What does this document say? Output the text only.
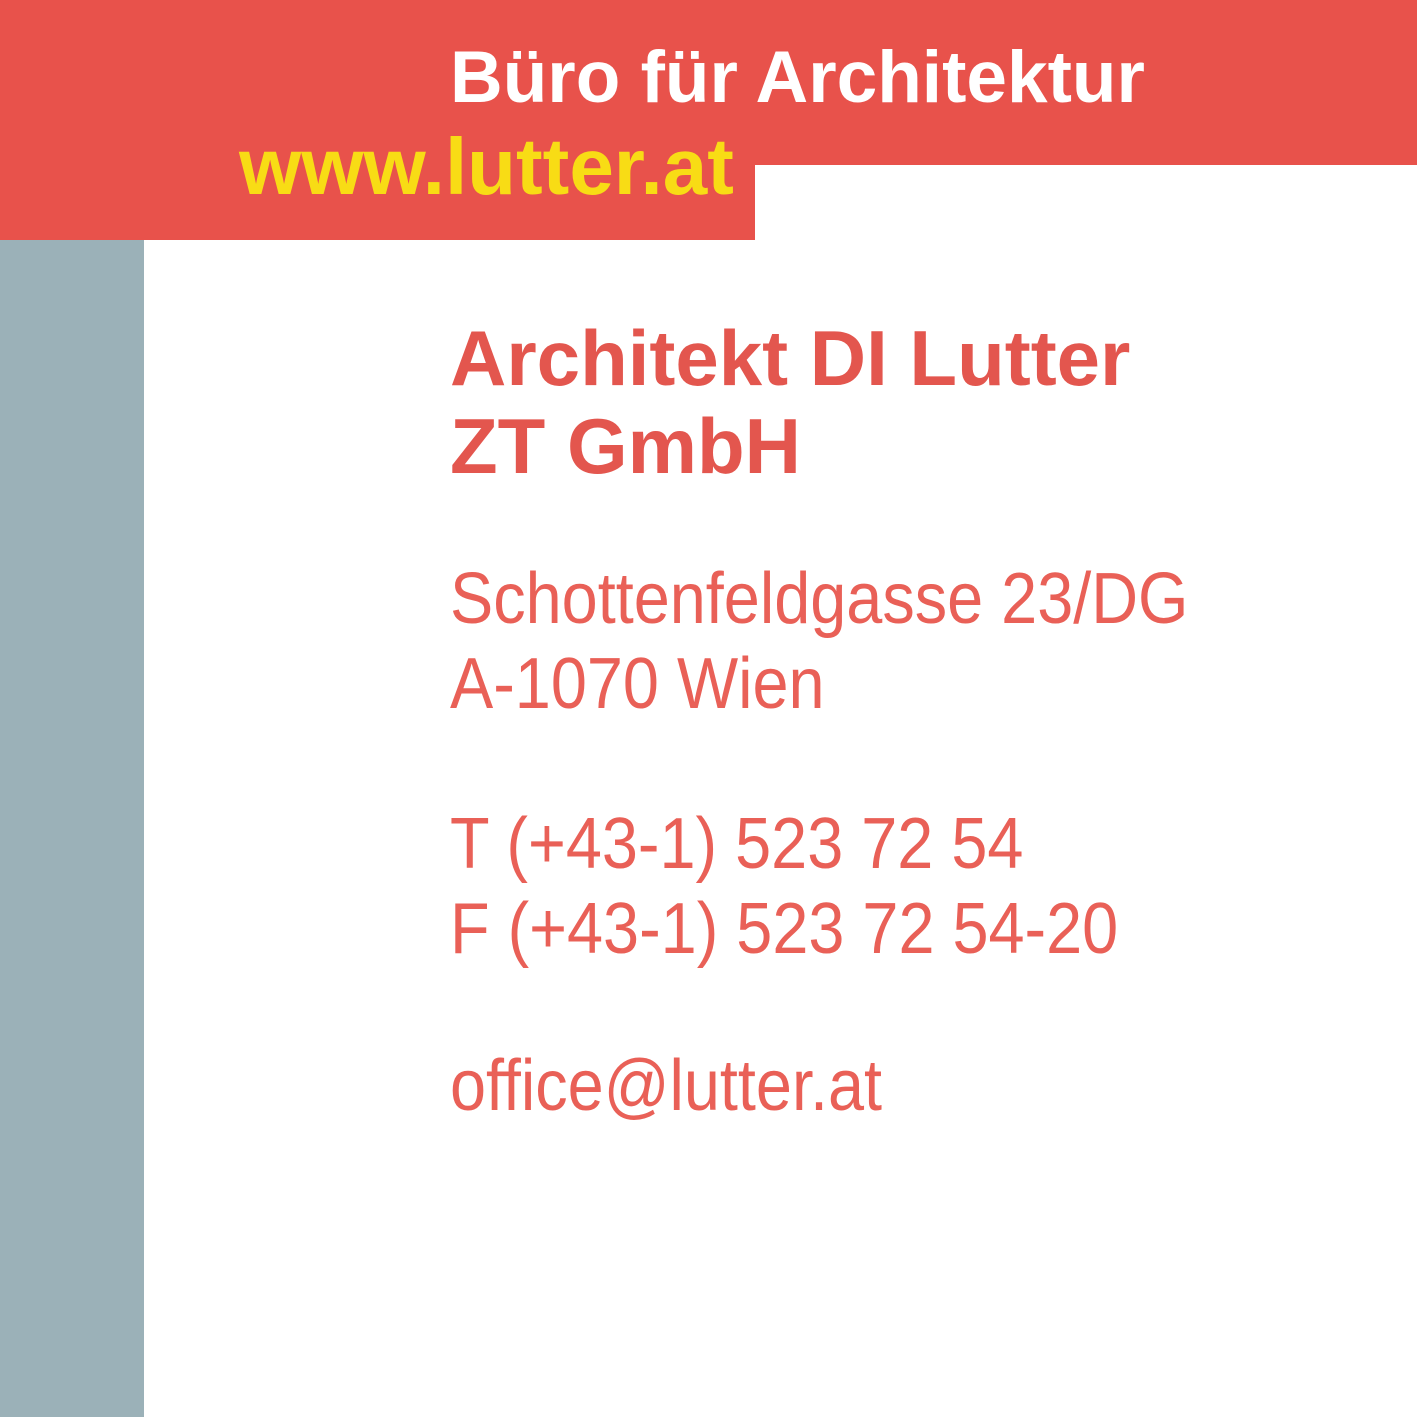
Büro für Architektur
www.lutter.at
Architekt DI Lutter
ZT GmbH
Schottenfeldgasse 23/DG
A-1070 Wien
T (+43-1) 523 72 54
F (+43-1) 523 72 54-20
office@lutter.at
